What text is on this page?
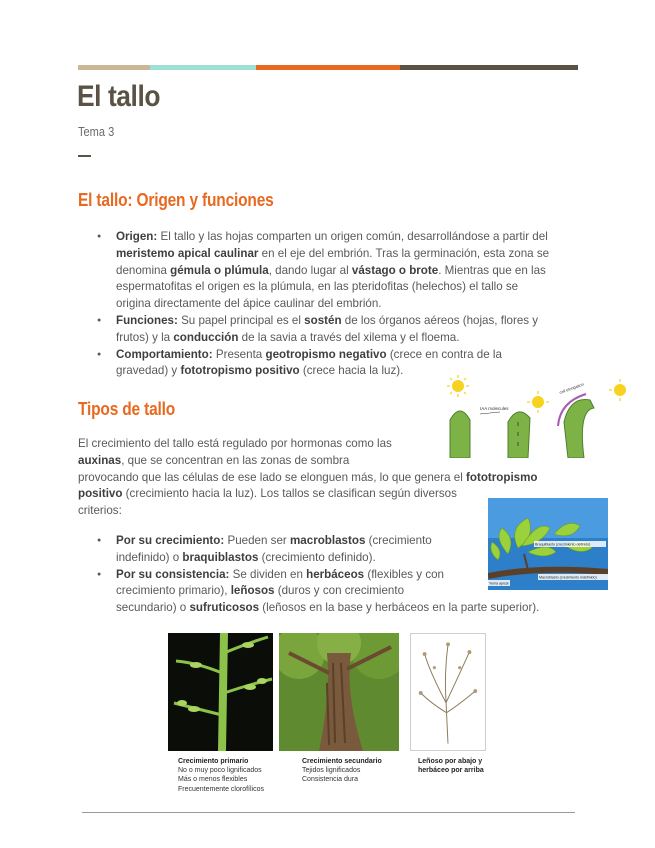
El tallo
Tema 3
El tallo: Origen y funciones
● Origen: El tallo y las hojas comparten un origen común, desarrollándose a partir del
meristemo apical caulinar en el eje del embrión. Tras la germinación, esta zona se
denomina gémula o plúmula, dando lugar al vástago o brote. Mientras que en las
espermatofitas el origen es la plúmula, en las pteridofitas (helechos) el tallo se
origina directamente del ápice caulinar del embrión.
● Funciones: Su papel principal es el sostén de los órganos aéreos (hojas, flores y
frutos) y la conducción de la savia a través del xilema y el floema.
● Comportamiento: Presenta geotropismo negativo (crece en contra de la
gravedad) y fototropismo positivo (crece hacia la luz).
IAA molecules
cell elongation
Tipos de tallo
El crecimiento del tallo está regulado por hormonas como las
auxinas, que se concentran en las zonas de sombra
provocando que las células de ese lado se elonguen más, lo que genera el fototropismo
positivo (crecimiento hacia la luz). Los tallos se clasifican según diversos
criterios:
Braquiblasto (crecimiento definido)
Macroblasto (crecimiento indefinido)
Yema apical
● Por su crecimiento: Pueden ser macroblastos (crecimiento
indefinido) o braquiblastos (crecimiento definido).
● Por su consistencia: Se dividen en herbáceos (flexibles y con
crecimiento primario), leñosos (duros y con crecimiento
secundario) o sufruticosos (leñosos en la base y herbáceos en la parte superior).
Crecimiento primario
No o muy poco lignificados
Más o menos flexibles
Frecuentemente clorofílicos
Crecimiento secundario
Tejidos lignificados
Consistencia dura
Leñoso por abajo y
herbáceo por arriba
